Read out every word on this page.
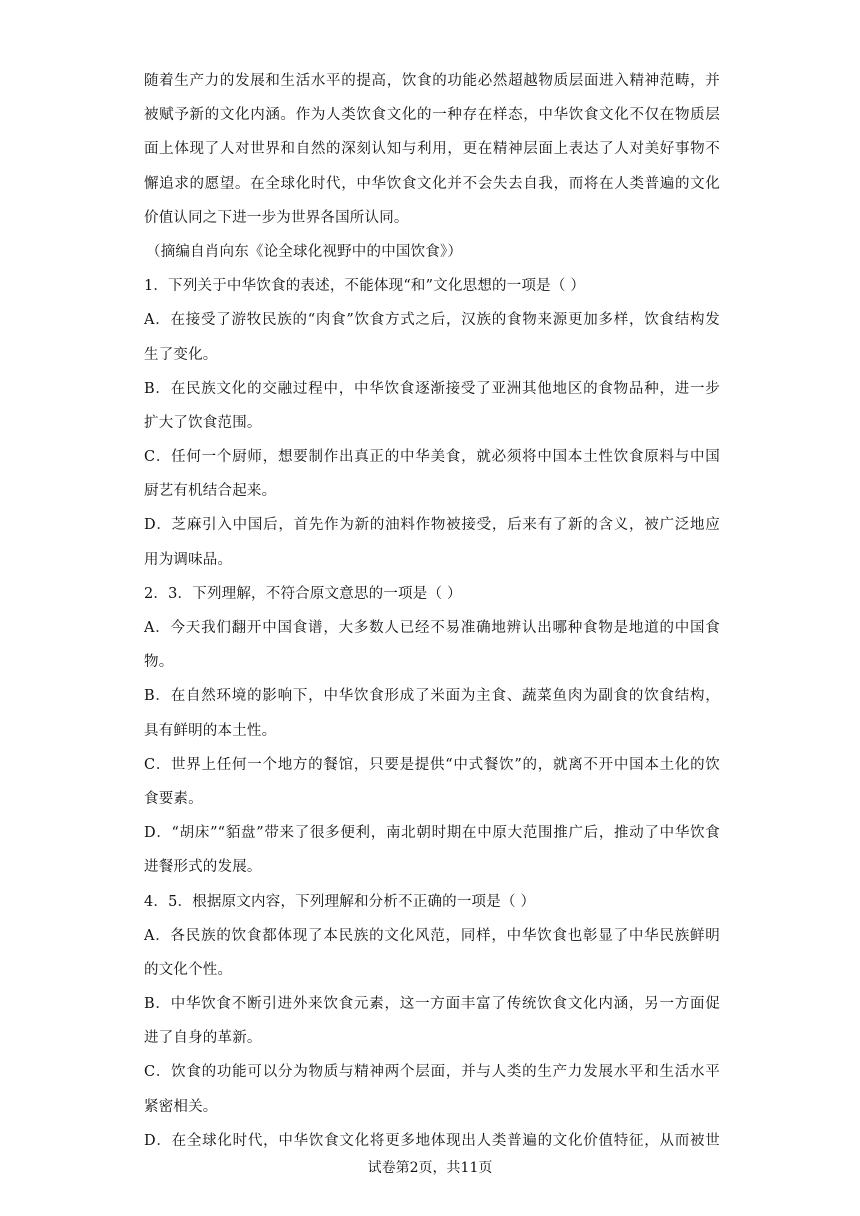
随着生产力的发展和生活水平的提高，饮食的功能必然超越物质层面进入精神范畴，并
被赋予新的文化内涵。作为人类饮食文化的一种存在样态，中华饮食文化不仅在物质层
面上体现了人对世界和自然的深刻认知与利用，更在精神层面上表达了人对美好事物不
懈追求的愿望。在全球化时代，中华饮食文化并不会失去自我，而将在人类普遍的文化
价值认同之下进一步为世界各国所认同。
（摘编自肖向东《论全球化视野中的中国饮食》）
1．下列关于中华饮食的表述，不能体现“和”文化思想的一项是（ ）
A．在接受了游牧民族的“肉食”饮食方式之后，汉族的食物来源更加多样，饮食结构发
生了变化。
B．在民族文化的交融过程中，中华饮食逐渐接受了亚洲其他地区的食物品种，进一步
扩大了饮食范围。
C．任何一个厨师，想要制作出真正的中华美食，就必须将中国本土性饮食原料与中国
厨艺有机结合起来。
D．芝麻引入中国后，首先作为新的油料作物被接受，后来有了新的含义，被广泛地应
用为调味品。
2．3．下列理解，不符合原文意思的一项是（ ）
A．今天我们翻开中国食谱，大多数人已经不易准确地辨认出哪种食物是地道的中国食
物。
B．在自然环境的影响下，中华饮食形成了米面为主食、蔬菜鱼肉为副食的饮食结构，
具有鲜明的本土性。
C．世界上任何一个地方的餐馆，只要是提供“中式餐饮”的，就离不开中国本土化的饮
食要素。
D．“胡床”“貊盘”带来了很多便利，南北朝时期在中原大范围推广后，推动了中华饮食
进餐形式的发展。
4．5．根据原文内容，下列理解和分析不正确的一项是（ ）
A．各民族的饮食都体现了本民族的文化风范，同样，中华饮食也彰显了中华民族鲜明
的文化个性。
B．中华饮食不断引进外来饮食元素，这一方面丰富了传统饮食文化内涵，另一方面促
进了自身的革新。
C．饮食的功能可以分为物质与精神两个层面，并与人类的生产力发展水平和生活水平
紧密相关。
D．在全球化时代，中华饮食文化将更多地体现出人类普遍的文化价值特征，从而被世
试卷第2页，共11页
